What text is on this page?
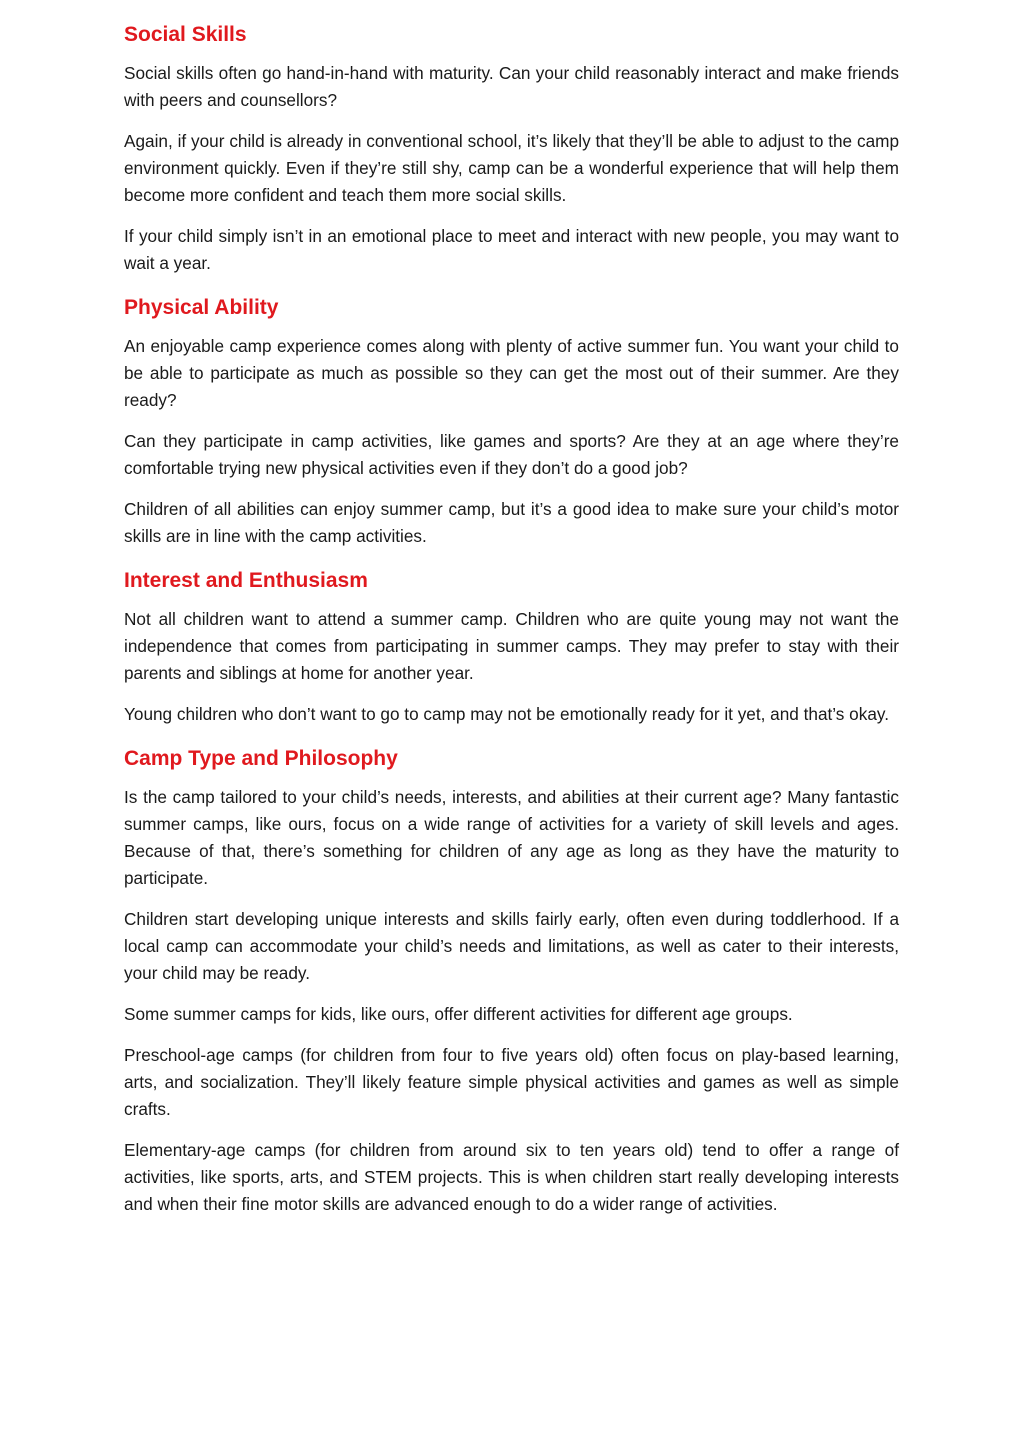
Social Skills

Social skills often go hand-in-hand with maturity. Can your child reasonably interact and make friends with peers and counsellors?

Again, if your child is already in conventional school, it’s likely that they’ll be able to adjust to the camp environment quickly. Even if they’re still shy, camp can be a wonderful experience that will help them become more confident and teach them more social skills.

If your child simply isn’t in an emotional place to meet and interact with new people, you may want to wait a year.

Physical Ability

An enjoyable camp experience comes along with plenty of active summer fun. You want your child to be able to participate as much as possible so they can get the most out of their summer. Are they ready?

Can they participate in camp activities, like games and sports? Are they at an age where they’re comfortable trying new physical activities even if they don’t do a good job?

Children of all abilities can enjoy summer camp, but it’s a good idea to make sure your child’s motor skills are in line with the camp activities.

Interest and Enthusiasm

Not all children want to attend a summer camp. Children who are quite young may not want the independence that comes from participating in summer camps. They may prefer to stay with their parents and siblings at home for another year.

Young children who don’t want to go to camp may not be emotionally ready for it yet, and that’s okay.

Camp Type and Philosophy

Is the camp tailored to your child’s needs, interests, and abilities at their current age? Many fantastic summer camps, like ours, focus on a wide range of activities for a variety of skill levels and ages. Because of that, there’s something for children of any age as long as they have the maturity to participate.

Children start developing unique interests and skills fairly early, often even during toddlerhood. If a local camp can accommodate your child’s needs and limitations, as well as cater to their interests, your child may be ready.

Some summer camps for kids, like ours, offer different activities for different age groups.

Preschool-age camps (for children from four to five years old) often focus on play-based learning, arts, and socialization. They’ll likely feature simple physical activities and games as well as simple crafts.

Elementary-age camps (for children from around six to ten years old) tend to offer a range of activities, like sports, arts, and STEM projects. This is when children start really developing interests and when their fine motor skills are advanced enough to do a wider range of activities.
